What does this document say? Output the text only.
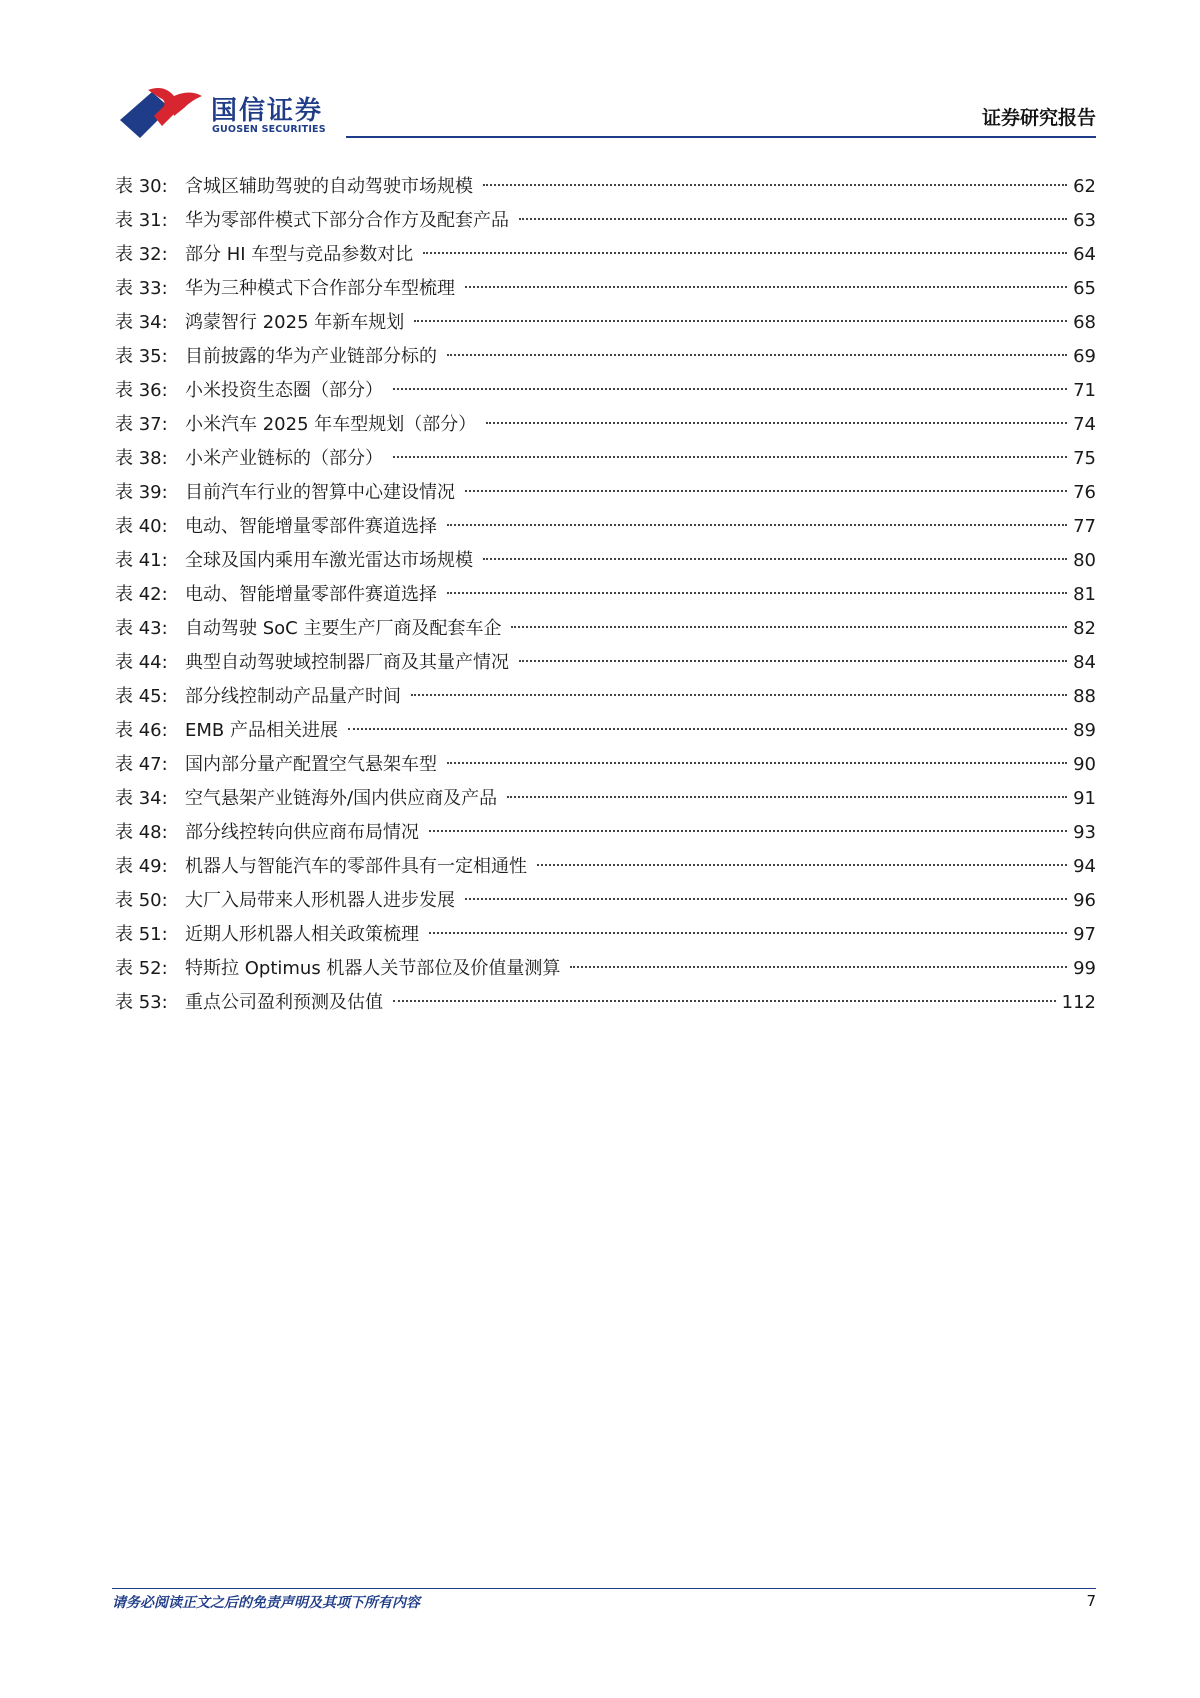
国信证券
GUOSEN SECURITIES
证券研究报告
表 30: 含城区辅助驾驶的自动驾驶市场规模	62
表 31: 华为零部件模式下部分合作方及配套产品	63
表 32: 部分 HI 车型与竞品参数对比	64
表 33: 华为三种模式下合作部分车型梳理	65
表 34: 鸿蒙智行 2025 年新车规划	68
表 35: 目前披露的华为产业链部分标的	69
表 36: 小米投资生态圈（部分）	71
表 37: 小米汽车 2025 年车型规划（部分）	74
表 38: 小米产业链标的（部分）	75
表 39: 目前汽车行业的智算中心建设情况	76
表 40: 电动、智能增量零部件赛道选择	77
表 41: 全球及国内乘用车激光雷达市场规模	80
表 42: 电动、智能增量零部件赛道选择	81
表 43: 自动驾驶 SoC 主要生产厂商及配套车企	82
表 44: 典型自动驾驶域控制器厂商及其量产情况	84
表 45: 部分线控制动产品量产时间	88
表 46: EMB 产品相关进展	89
表 47: 国内部分量产配置空气悬架车型	90
表 34: 空气悬架产业链海外/国内供应商及产品	91
表 48: 部分线控转向供应商布局情况	93
表 49: 机器人与智能汽车的零部件具有一定相通性	94
表 50: 大厂入局带来人形机器人进步发展	96
表 51: 近期人形机器人相关政策梳理	97
表 52: 特斯拉 Optimus 机器人关节部位及价值量测算	99
表 53: 重点公司盈利预测及估值	112
请务必阅读正文之后的免责声明及其项下所有内容	7
